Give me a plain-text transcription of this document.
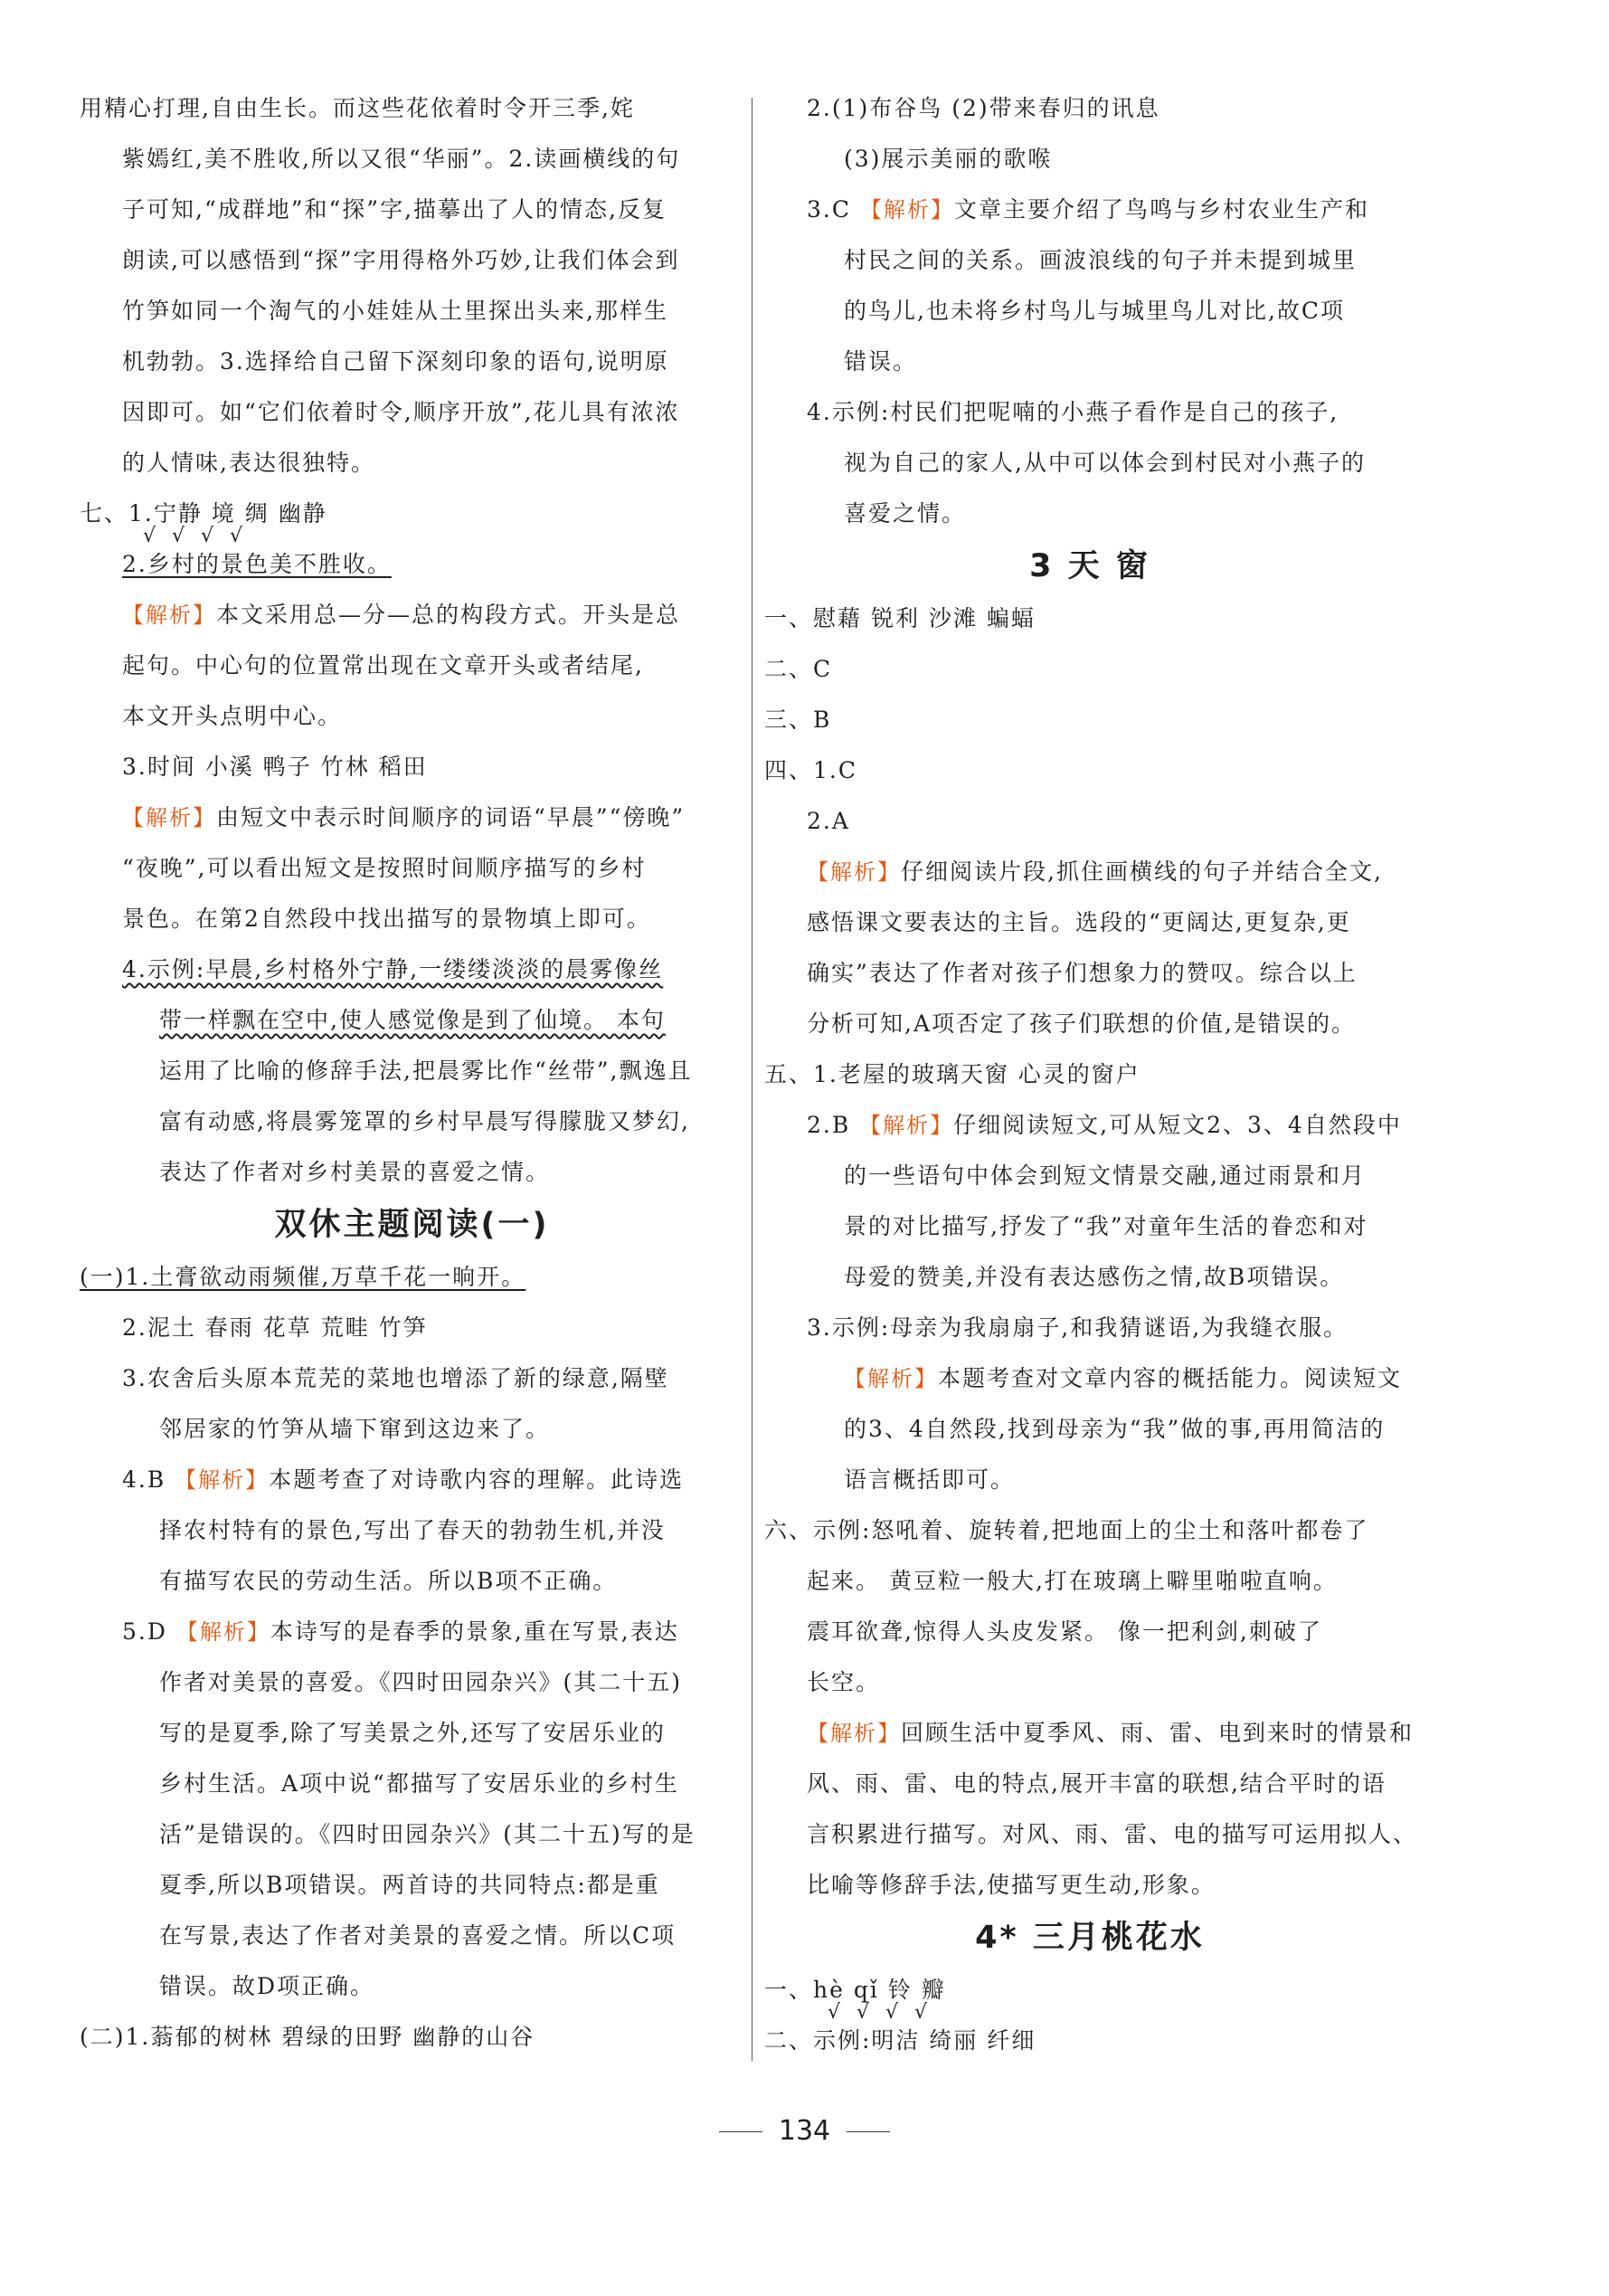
用精心打理,自由生长。而这些花依着时令开三季,姹
紫嫣红,美不胜收,所以又很“华丽”。2.读画横线的句
子可知,“成群地”和“探”字,描摹出了人的情态,反复
朗读,可以感悟到“探”字用得格外巧妙,让我们体会到
竹笋如同一个淘气的小娃娃从土里探出头来,那样生
机勃勃。3.选择给自己留下深刻印象的语句,说明原
因即可。如“它们依着时令,顺序开放”,花儿具有浓浓
的人情味,表达很独特。
七、1.宁静 境 绸 幽静
√√√√
2.乡村的景色美不胜收。
【解析】本文采用总—分—总的构段方式。开头是总
起句。中心句的位置常出现在文章开头或者结尾,
本文开头点明中心。
3.时间 小溪 鸭子 竹林 稻田
【解析】由短文中表示时间顺序的词语“早晨”“傍晚”
“夜晚”,可以看出短文是按照时间顺序描写的乡村
景色。在第2自然段中找出描写的景物填上即可。
4.示例:早晨,乡村格外宁静,一缕缕淡淡的晨雾像丝
带一样飘在空中,使人感觉像是到了仙境。 本句
运用了比喻的修辞手法,把晨雾比作“丝带”,飘逸且
富有动感,将晨雾笼罩的乡村早晨写得朦胧又梦幻,
表达了作者对乡村美景的喜爱之情。
双休主题阅读(一)
(一)1.土膏欲动雨频催,万草千花一晌开。
2.泥土 春雨 花草 荒畦 竹笋
3.农舍后头原本荒芜的菜地也增添了新的绿意,隔壁
邻居家的竹笋从墙下窜到这边来了。
4.B 【解析】本题考查了对诗歌内容的理解。此诗选
择农村特有的景色,写出了春天的勃勃生机,并没
有描写农民的劳动生活。所以B项不正确。
5.D 【解析】本诗写的是春季的景象,重在写景,表达
作者对美景的喜爱。《四时田园杂兴》(其二十五)
写的是夏季,除了写美景之外,还写了安居乐业的
乡村生活。A项中说“都描写了安居乐业的乡村生
活”是错误的。《四时田园杂兴》(其二十五)写的是
夏季,所以B项错误。两首诗的共同特点:都是重
在写景,表达了作者对美景的喜爱之情。所以C项
错误。故D项正确。
(二)1.蓊郁的树林 碧绿的田野 幽静的山谷
2.(1)布谷鸟 (2)带来春归的讯息
(3)展示美丽的歌喉
3.C 【解析】文章主要介绍了鸟鸣与乡村农业生产和
村民之间的关系。画波浪线的句子并未提到城里
的鸟儿,也未将乡村鸟儿与城里鸟儿对比,故C项
错误。
4.示例:村民们把呢喃的小燕子看作是自己的孩子,
视为自己的家人,从中可以体会到村民对小燕子的
喜爱之情。
3 天 窗
一、慰藉 锐利 沙滩 蝙蝠
二、C
三、B
四、1.C
2.A
【解析】仔细阅读片段,抓住画横线的句子并结合全文,
感悟课文要表达的主旨。选段的“更阔达,更复杂,更
确实”表达了作者对孩子们想象力的赞叹。综合以上
分析可知,A项否定了孩子们联想的价值,是错误的。
五、1.老屋的玻璃天窗 心灵的窗户
2.B 【解析】仔细阅读短文,可从短文2、3、4自然段中
的一些语句中体会到短文情景交融,通过雨景和月
景的对比描写,抒发了“我”对童年生活的眷恋和对
母爱的赞美,并没有表达感伤之情,故B项错误。
3.示例:母亲为我扇扇子,和我猜谜语,为我缝衣服。
【解析】本题考查对文章内容的概括能力。阅读短文
的3、4自然段,找到母亲为“我”做的事,再用简洁的
语言概括即可。
六、示例:怒吼着、旋转着,把地面上的尘土和落叶都卷了
起来。 黄豆粒一般大,打在玻璃上噼里啪啦直响。
震耳欲聋,惊得人头皮发紧。 像一把利剑,刺破了
长空。
【解析】回顾生活中夏季风、雨、雷、电到来时的情景和
风、雨、雷、电的特点,展开丰富的联想,结合平时的语
言积累进行描写。对风、雨、雷、电的描写可运用拟人、
比喻等修辞手法,使描写更生动,形象。
4* 三月桃花水
一、hè qǐ 铃 瓣
√√√√
二、示例:明洁 绮丽 纤细
134
